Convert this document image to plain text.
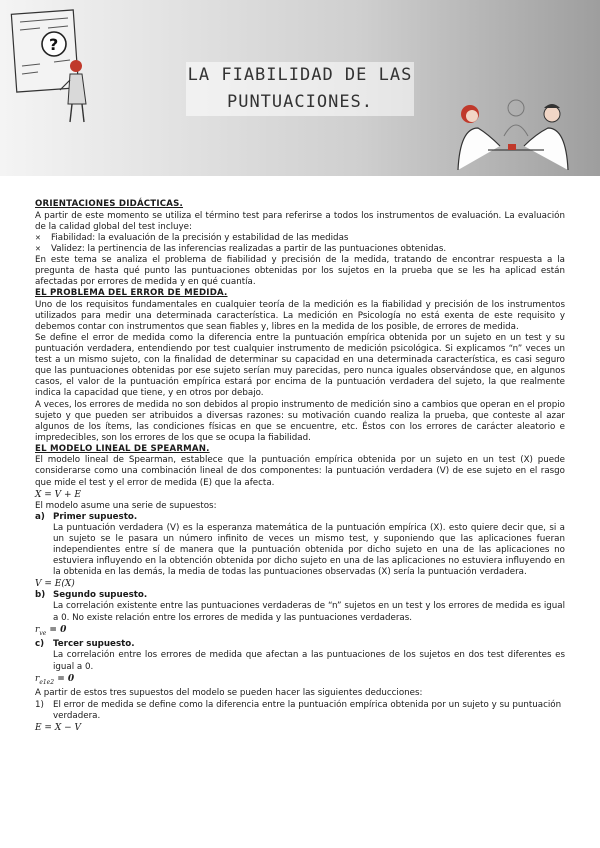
?
LA FIABILIDAD DE LAS
PUNTUACIONES.

ORIENTACIONES DIDÁCTICAS.

A partir de este momento se utiliza el término test para referirse a todos los instrumentos de evaluación. La evaluación de la calidad global del test incluye:

✕	Fiabilidad: la evaluación de la precisión y estabilidad de las medidas
✕	Validez: la pertinencia de las inferencias realizadas a partir de las puntuaciones obtenidas.

En este tema se analiza el problema de fiabilidad y precisión de la medida, tratando de encontrar respuesta a la pregunta de hasta qué punto las puntuaciones obtenidas por los sujetos en la prueba que se les ha aplicad están afectadas por errores de medida y en qué cuantía.

EL PROBLEMA DEL ERROR DE MEDIDA.

Uno de los requisitos fundamentales en cualquier teoría de la medición es la fiabilidad y precisión de los instrumentos utilizados para medir una determinada característica. La medición en Psicología no está exenta de este requisito y debemos contar con instrumentos que sean fiables y, libres en la medida de los posible, de errores de medida.

Se define el error de medida como la diferencia entre la puntuación empírica obtenida por un sujeto en un test y su puntuación verdadera, entendiendo por test cualquier instrumento de medición psicológica. Si explicamos “n” veces un test a un mismo sujeto, con la finalidad de determinar su capacidad en una determinada característica, es casi seguro que las puntuaciones obtenidas por ese sujeto serían muy parecidas, pero nunca iguales observándose que, en algunos casos, el valor de la puntuación empírica estará por encima de la puntuación verdadera del sujeto, la que realmente indica la capacidad que tiene, y en otros por debajo.

A veces, los errores de medida no son debidos al propio instrumento de medición sino a cambios que operan en el propio sujeto y que pueden ser atribuidos a diversas razones: su motivación cuando realiza la prueba, que conteste al azar algunos de los ítems, las condiciones físicas en que se encuentre, etc. Éstos con los errores de carácter aleatorio e impredecibles, son los errores de los que se ocupa la fiabilidad.

EL MODELO LINEAL DE SPEARMAN.

El modelo lineal de Spearman, establece que la puntuación empírica obtenida por un sujeto en un test (X) puede considerarse como una combinación lineal de dos componentes: la puntuación verdadera (V) de ese sujeto en el rasgo que mide el test y el error de medida (E) que la afecta.

X = V + E

El modelo asume una serie de supuestos:

a) Primer supuesto.

La puntuación verdadera (V) es la esperanza matemática de la puntuación empírica (X). esto quiere decir que, si a un sujeto se le pasara un número infinito de veces un mismo test, y suponiendo que las aplicaciones fueran independientes entre sí de manera que la puntuación obtenida por dicho sujeto en una de las aplicaciones no estuviera influyendo en la obtención obtenida por dicho sujeto en una de las aplicaciones no estuviera influyendo en la obtenida en las demás, la media de todas las puntuaciones observadas (X) sería la puntuación verdadera.

V = E(X)

b) Segundo supuesto.

La correlación existente entre las puntuaciones verdaderas de “n” sujetos en un test y los errores de medida es igual a 0. No existe relación entre los errores de medida y las puntuaciones verdaderas.

$r_{ve} = 0$

c)	Tercer supuesto.

La correlación entre los errores de medida que afectan a las puntuaciones de los sujetos en dos test diferentes es igual a 0.

$r_{e1e2} = 0$

A partir de estos tres supuestos del modelo se pueden hacer las siguientes deducciones:

1)	El error de medida se define como la diferencia entre la puntuación empírica obtenida por un sujeto y su puntuación verdadera.

E = X − V
